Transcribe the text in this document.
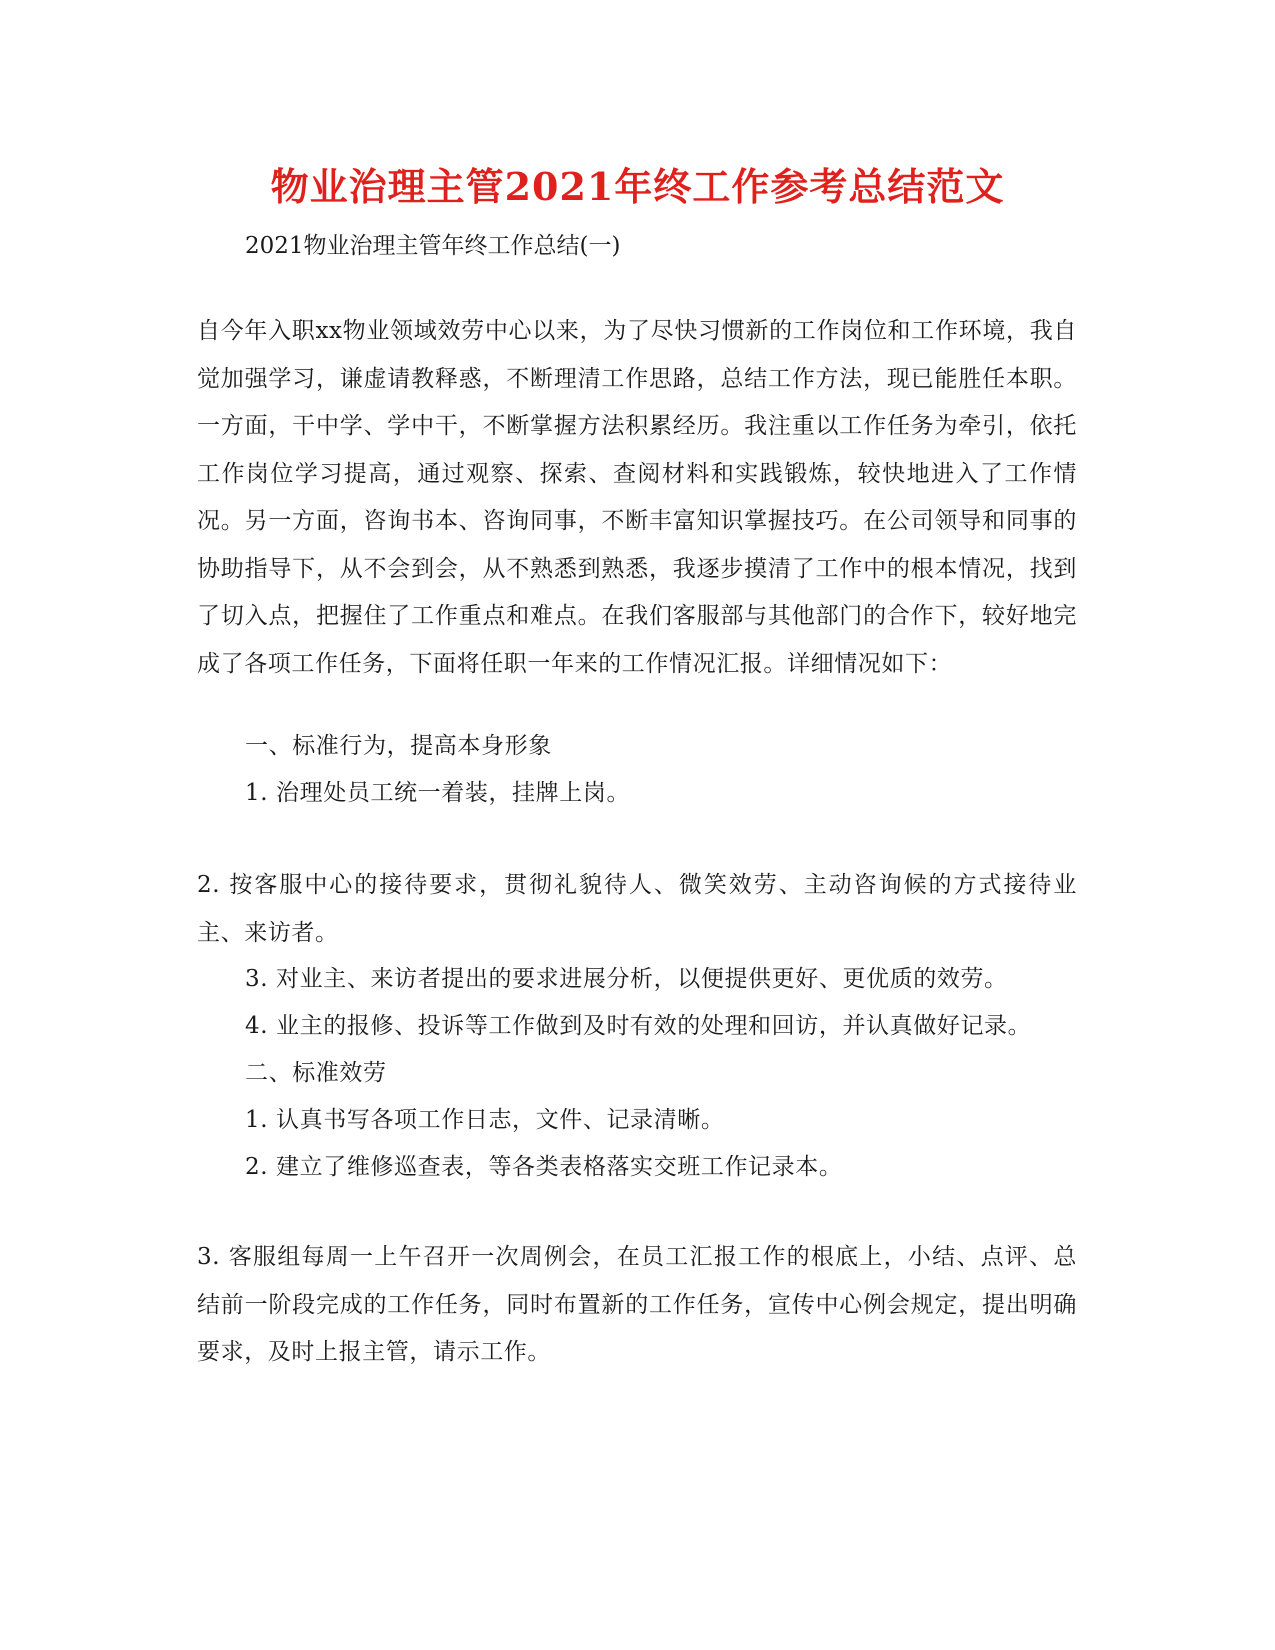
物业治理主管2021年终工作参考总结范文

2021物业治理主管年终工作总结(一)

自今年入职xx物业领域效劳中心以来，为了尽快习惯新的工作岗位和工作环境，我自觉加强学习，谦虚请教释惑，不断理清工作思路，总结工作方法，现已能胜任本职。一方面，干中学、学中干，不断掌握方法积累经历。我注重以工作任务为牵引，依托工作岗位学习提高，通过观察、探索、查阅材料和实践锻炼，较快地进入了工作情况。另一方面，咨询书本、咨询同事，不断丰富知识掌握技巧。在公司领导和同事的协助指导下，从不会到会，从不熟悉到熟悉，我逐步摸清了工作中的根本情况，找到了切入点，把握住了工作重点和难点。在我们客服部与其他部门的合作下，较好地完成了各项工作任务，下面将任职一年来的工作情况汇报。详细情况如下：

一、标准行为，提高本身形象

1. 治理处员工统一着装，挂牌上岗。

2. 按客服中心的接待要求，贯彻礼貌待人、微笑效劳、主动咨询候的方式接待业主、来访者。

3. 对业主、来访者提出的要求进展分析，以便提供更好、更优质的效劳。

4. 业主的报修、投诉等工作做到及时有效的处理和回访，并认真做好记录。

二、标准效劳

1. 认真书写各项工作日志，文件、记录清晰。

2. 建立了维修巡查表，等各类表格落实交班工作记录本。

3. 客服组每周一上午召开一次周例会，在员工汇报工作的根底上，小结、点评、总结前一阶段完成的工作任务，同时布置新的工作任务，宣传中心例会规定，提出明确要求，及时上报主管，请示工作。
